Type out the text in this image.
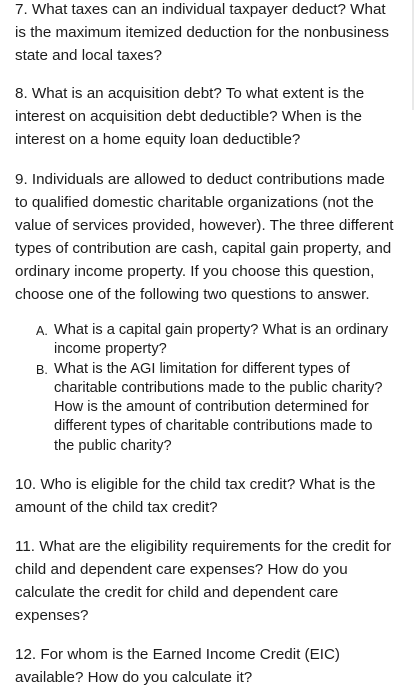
7. What taxes can an individual taxpayer deduct? What is the maximum itemized deduction for the nonbusiness state and local taxes?

8. What is an acquisition debt? To what extent is the interest on acquisition debt deductible? When is the interest on a home equity loan deductible?

9. Individuals are allowed to deduct contributions made to qualified domestic charitable organizations (not the value of services provided, however). The three different types of contribution are cash, capital gain property, and ordinary income property. If you choose this question, choose one of the following two questions to answer.

A. What is a capital gain property? What is an ordinary income property?
B. What is the AGI limitation for different types of charitable contributions made to the public charity? How is the amount of contribution determined for different types of charitable contributions made to the public charity?

10. Who is eligible for the child tax credit? What is the amount of the child tax credit?

11. What are the eligibility requirements for the credit for child and dependent care expenses? How do you calculate the credit for child and dependent care expenses?

12. For whom is the Earned Income Credit (EIC) available? How do you calculate it?
